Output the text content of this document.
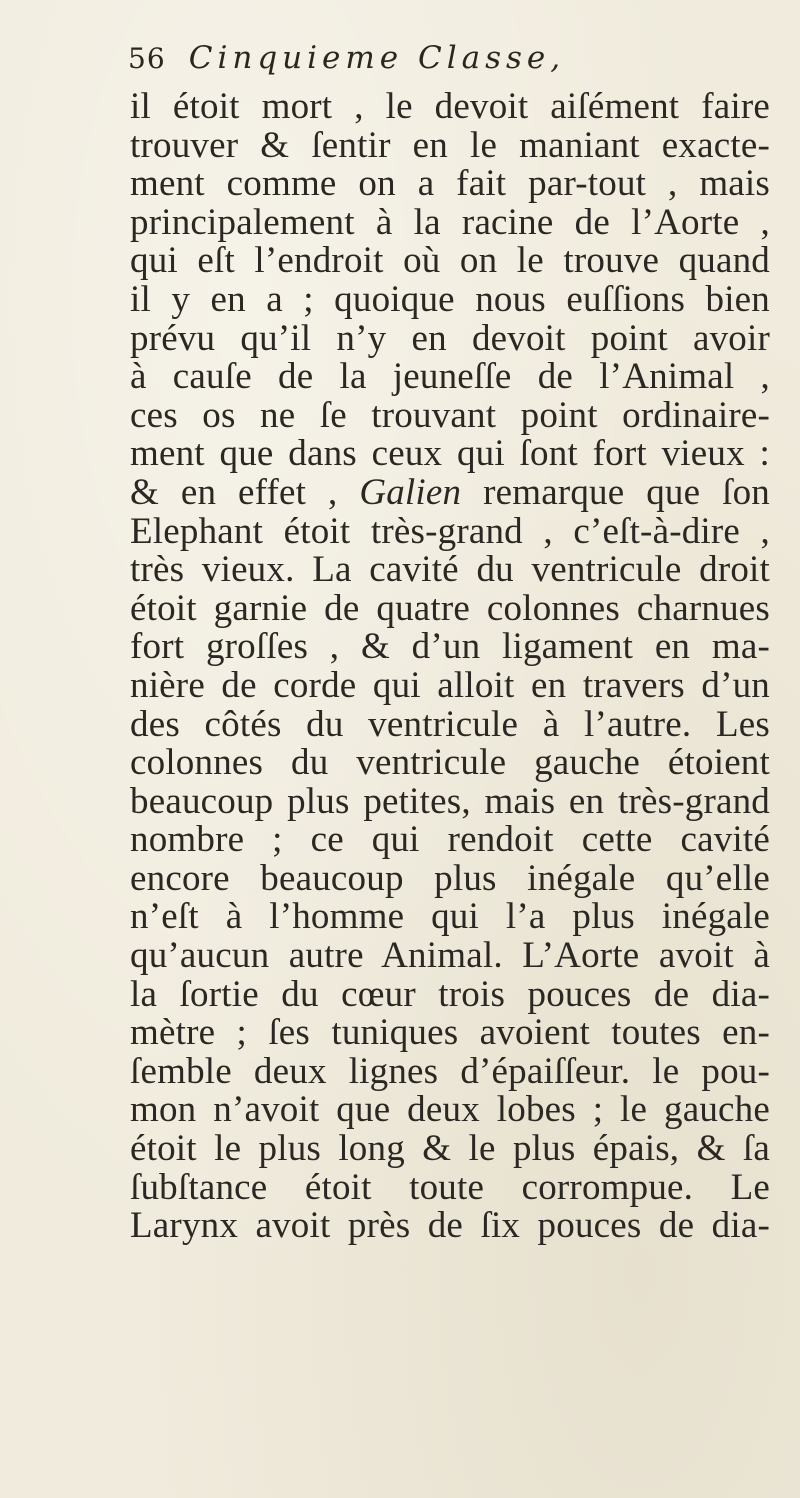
56 Cinquieme Classe,
il étoit mort , le devoit aiſément faire
trouver & ſentir en le maniant exacte-
ment comme on a fait par-tout , mais
principalement à la racine de l’Aorte ,
qui eſt l’endroit où on le trouve quand
il y en a ; quoique nous euſſions bien
prévu qu’il n’y en devoit point avoir
à cauſe de la jeuneſſe de l’Animal ,
ces os ne ſe trouvant point ordinaire-
ment que dans ceux qui ſont fort vieux :
& en effet , Galien remarque que ſon
Elephant étoit très-grand , c’eſt-à-dire ,
très vieux. La cavité du ventricule droit
étoit garnie de quatre colonnes charnues
fort groſſes , & d’un ligament en ma-
nière de corde qui alloit en travers d’un
des côtés du ventricule à l’autre. Les
colonnes du ventricule gauche étoient
beaucoup plus petites, mais en très-grand
nombre ; ce qui rendoit cette cavité
encore beaucoup plus inégale qu’elle
n’eſt à l’homme qui l’a plus inégale
qu’aucun autre Animal. L’Aorte avoit à
la ſortie du cœur trois pouces de dia-
mètre ; ſes tuniques avoient toutes en-
ſemble deux lignes d’épaiſſeur. le pou-
mon n’avoit que deux lobes ; le gauche
étoit le plus long & le plus épais, & ſa
ſubſtance étoit toute corrompue. Le
Larynx avoit près de ſix pouces de dia-
